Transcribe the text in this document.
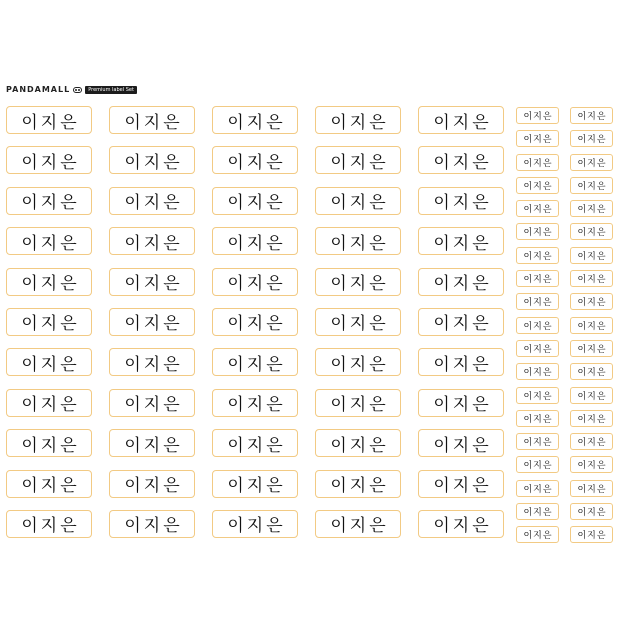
PANDAMALL	Premium label Set
이지은	이지은	이지은	이지은	이지은
이지은	이지은	이지은	이지은	이지은
이지은	이지은	이지은	이지은	이지은
이지은	이지은	이지은	이지은	이지은
이지은	이지은	이지은	이지은	이지은
이지은	이지은	이지은	이지은	이지은
이지은	이지은	이지은	이지은	이지은
이지은	이지은	이지은	이지은	이지은
이지은	이지은	이지은	이지은	이지은
이지은	이지은	이지은	이지은	이지은
이지은	이지은	이지은	이지은	이지은
이지은	이지은
이지은	이지은
이지은	이지은
이지은	이지은
이지은	이지은
이지은	이지은
이지은	이지은
이지은	이지은
이지은	이지은
이지은	이지은
이지은	이지은
이지은	이지은
이지은	이지은
이지은	이지은
이지은	이지은
이지은	이지은
이지은	이지은
이지은	이지은
이지은	이지은
